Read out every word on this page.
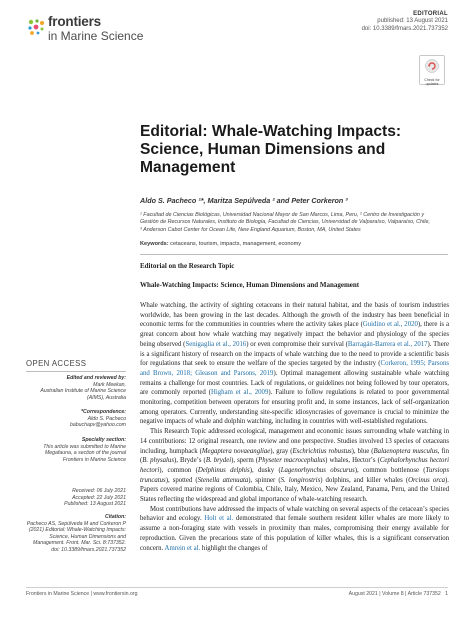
frontiers
in Marine Science
EDITORIAL
published: 13 August 2021
doi: 10.3389/fmars.2021.737352
Check for updates
Editorial: Whale-Watching Impacts: Science, Human Dimensions and Management
Aldo S. Pacheco ¹*, Maritza Sepúlveda ² and Peter Corkeron ³
¹ Facultad de Ciencias Biológicas, Universidad Nacional Mayor de San Marcos, Lima, Peru, ² Centro de Investigación y
Gestión de Recursos Naturales, Instituto de Biología, Facultad de Ciencias, Universidad de Valparaíso, Valparaíso, Chile,
³ Anderson Cabot Center for Ocean Life, New England Aquarium, Boston, MA, United States
Keywords: cetaceans, tourism, impacts, management, economy
Editorial on the Research Topic
Whale-Watching Impacts: Science, Human Dimensions and Management

Whale watching, the activity of sighting cetaceans in their natural habitat, and the basis of tourism industries worldwide, has been growing in the last decades. Although the growth of the industry has been beneficial in economic terms for the communities in countries where the activity takes place (Guidino et al., 2020), there is a great concern about how whale watching may negatively impact the behavior and physiology of the species being observed (Senigaglia et al., 2016) or even compromise their survival (Barragán-Barrera et al., 2017). There is a significant history of research on the impacts of whale watching due to the need to provide a scientific basis for regulations that seek to ensure the welfare of the species targeted by the industry (Corkeron, 1995; Parsons and Brown, 2018; Gleason and Parsons, 2019). Optimal management allowing sustainable whale watching remains a challenge for most countries. Lack of regulations, or guidelines not being followed by tour operators, are commonly reported (Higham et al., 2009). Failure to follow regulations is related to poor governmental monitoring, competition between operators for ensuring profit and, in some instances, lack of self-organization among operators. Currently, understanding site-specific idiosyncrasies of governance is crucial to minimize the negative impacts of whale and dolphin watching, including in countries with well-established regulations.

This Research Topic addressed ecological, management and economic issues surrounding whale watching in 14 contributions: 12 original research, one review and one perspective. Studies involved 13 species of cetaceans including, humpback (Megaptera novaeangliae), gray (Eschrichtius robustus), blue (Balaenoptera musculus, fin (B. physalus), Brydeʼs (B. brydei), sperm (Physeter macrocephalus) whales, Hectorʼs (Cephalorhynchus hectori hectori), common (Delphinus delphis), dusky (Lagenorhynchus obscurus), common bottlenose (Tursiops truncatus), spotted (Stenella attenuata), spinner (S. longirostris) dolphins, and killer whales (Orcinus orca). Papers covered marine regions of Colombia, Chile, Italy, Mexico, New Zealand, Panama, Peru, and the United States reflecting the widespread and global importance of whale-watching research.

Most contributions have addressed the impacts of whale watching on several aspects of the cetaceanʼs species behavior and ecology. Holt et al. demonstrated that female southern resident killer whales are more likely to assume a non-foraging state with vessels in proximity than males, compromising their energy available for reproduction. Given the precarious state of this population of killer whales, this is a significant conservation concern. Amrein et al. highlight the changes of

OPEN ACCESS
Edited and reviewed by:
Mark Meekan,
Australian Institute of Marine Science (AIMS), Australia
*Correspondence:
Aldo S. Pacheco
babuchapv@yahoo.com
Specialty section:
This article was submitted to Marine Megafauna, a section of the journal Frontiers in Marine Science
Received: 06 July 2021
Accepted: 22 July 2021
Published: 13 August 2021
Citation:
Pacheco AS, Sepúlveda M and Corkeron P (2021) Editorial: Whale-Watching Impacts: Science, Human Dimensions and Management. Front. Mar. Sci. 8:737352. doi: 10.3389/fmars.2021.737352
Frontiers in Marine Science | www.frontiersin.org	August 2021 | Volume 8 | Article 737352 1
